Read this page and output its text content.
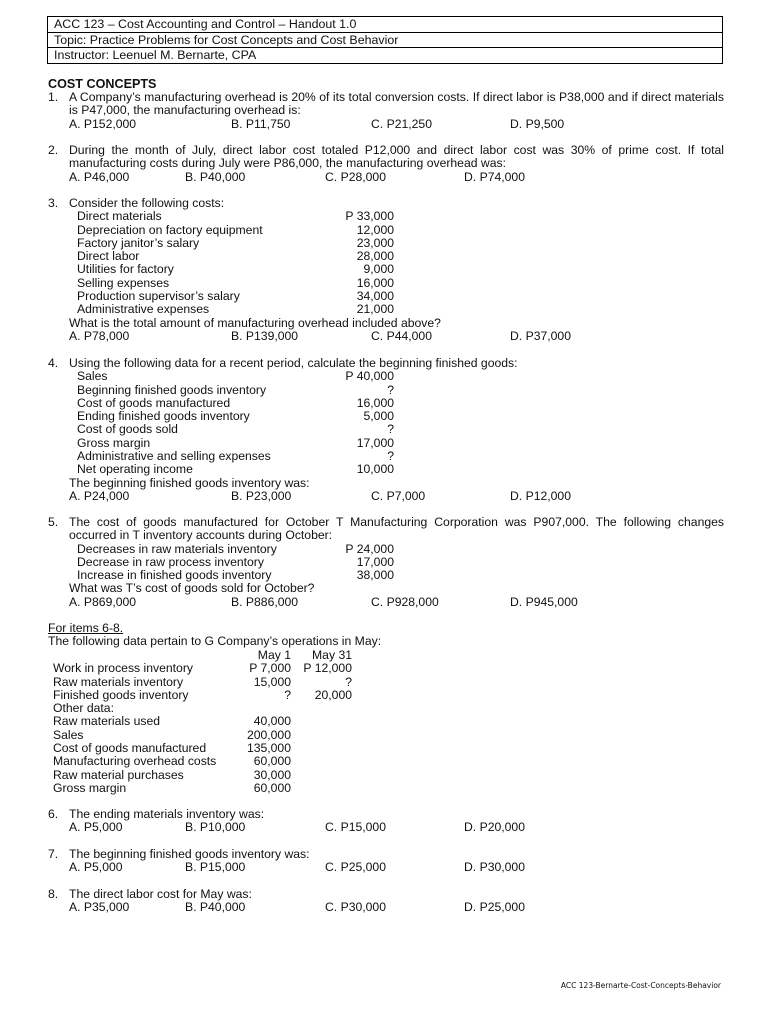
ACC 123 – Cost Accounting and Control – Handout 1.0
Topic: Practice Problems for Cost Concepts and Cost Behavior
Instructor: Leenuel M. Bernarte, CPA
COST CONCEPTS
1. A Company’s manufacturing overhead is 20% of its total conversion costs. If direct labor is P38,000 and if direct materials is P47,000, the manufacturing overhead is:
A. P152,000	B. P11,750	C. P21,250	D. P9,500
2. During the month of July, direct labor cost totaled P12,000 and direct labor cost was 30% of prime cost. If total manufacturing costs during July were P86,000, the manufacturing overhead was:
A. P46,000	B. P40,000	C. P28,000	D. P74,000
3. Consider the following costs:
Direct materials	P 33,000
Depreciation on factory equipment	12,000
Factory janitor’s salary	23,000
Direct labor	28,000
Utilities for factory	9,000
Selling expenses	16,000
Production supervisor’s salary	34,000
Administrative expenses	21,000
What is the total amount of manufacturing overhead included above?
A. P78,000	B. P139,000	C. P44,000	D. P37,000
4. Using the following data for a recent period, calculate the beginning finished goods:
Sales	P 40,000
Beginning finished goods inventory	?
Cost of goods manufactured	16,000
Ending finished goods inventory	5,000
Cost of goods sold	?
Gross margin	17,000
Administrative and selling expenses	?
Net operating income	10,000
The beginning finished goods inventory was:
A. P24,000	B. P23,000	C. P7,000	D. P12,000
5. The cost of goods manufactured for October T Manufacturing Corporation was P907,000. The following changes occurred in T inventory accounts during October:
Decreases in raw materials inventory	P 24,000
Decrease in raw process inventory	17,000
Increase in finished goods inventory	38,000
What was T’s cost of goods sold for October?
A. P869,000	B. P886,000	C. P928,000	D. P945,000
For items 6-8.
The following data pertain to G Company’s operations in May:
May 1 May 31
Work in process inventory	P 7,000 P 12,000
Raw materials inventory	15,000	?
Finished goods inventory	? 20,000
Other data:
Raw materials used	40,000
Sales	200,000
Cost of goods manufactured	135,000
Manufacturing overhead costs	60,000
Raw material purchases	30,000
Gross margin	60,000
6. The ending materials inventory was:
A. P5,000	B. P10,000	C. P15,000	D. P20,000
7. The beginning finished goods inventory was:
A. P5,000	B. P15,000	C. P25,000	D. P30,000
8. The direct labor cost for May was:
A. P35,000	B. P40,000	C. P30,000	D. P25,000
ACC 123-Bernarte-Cost-Concepts-Behavior
